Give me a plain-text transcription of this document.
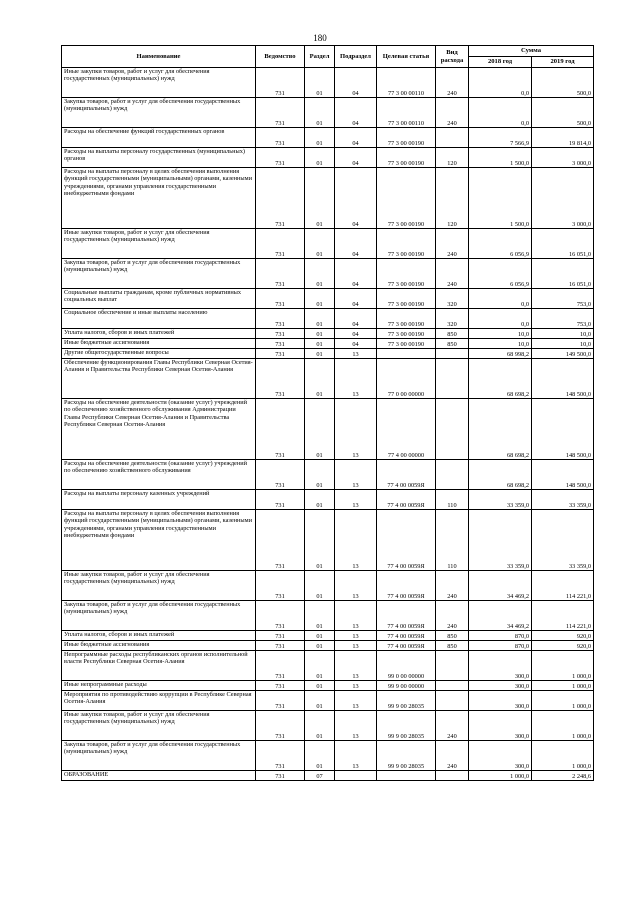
180
Наименование	Ведомство	Раздел	Подраздел	Целевая статья	Вид расхода	Сумма	
						2018 год	2019 год
Иные закупки товаров, работ и услуг для обеспечения государственных (муниципальных) нужд	731	01	04	77 3 00 00110	240	0,0	500,0
Закупка товаров, работ и услуг для обеспечения государственных (муниципальных) нужд	731	01	04	77 3 00 00110	240	0,0	500,0
Расходы на обеспечение функций государственных органов	731	01	04	77 3 00 00190		7 566,9	19 814,0
Расходы на выплаты персоналу государственных (муниципальных) органов	731	01	04	77 3 00 00190	120	1 500,0	3 000,0
Расходы на выплаты персоналу в целях обеспечения выполнения функций государственными (муниципальными) органами, казенными учреждениями, органами управления государственными внебюджетными фондами	731	01	04	77 3 00 00190	120	1 500,0	3 000,0
Иные закупки товаров, работ и услуг для обеспечения государственных (муниципальных) нужд	731	01	04	77 3 00 00190	240	6 056,9	16 051,0
Закупка товаров, работ и услуг для обеспечения государственных (муниципальных) нужд	731	01	04	77 3 00 00190	240	6 056,9	16 051,0
Социальные выплаты гражданам, кроме публичных нормативных социальных выплат	731	01	04	77 3 00 00190	320	0,0	753,0
Социальное обеспечение и иные выплаты населению	731	01	04	77 3 00 00190	320	0,0	753,0
Уплата налогов, сборов и иных платежей	731	01	04	77 3 00 00190	850	10,0	10,0
Иные бюджетные ассигнования	731	01	04	77 3 00 00190	850	10,0	10,0
Другие общегосударственные вопросы	731	01	13			68 998,2	149 500,0
Обеспечение функционирования Главы Республики Северная Осетия-Алания и Правительства Республики Северная Осетия-Алания	731	01	13	77 0 00 00000		68 698,2	148 500,0
Расходы на обеспечение деятельности (оказание услуг) учреждений по обеспечению хозяйственного обслуживания Администрации Главы Республики Северная Осетия-Алания и Правительства Республики Северная Осетия-Алания	731	01	13	77 4 00 00000		68 698,2	148 500,0
Расходы на обеспечение деятельности (оказание услуг) учреждений по обеспечению хозяйственного обслуживания	731	01	13	77 4 00 0059Я		68 698,2	148 500,0
Расходы на выплаты персоналу казенных учреждений	731	01	13	77 4 00 0059Я	110	33 359,0	33 359,0
Расходы на выплаты персоналу в целях обеспечения выполнения функций государственными (муниципальными) органами, казенными учреждениями, органами управления государственными внебюджетными фондами	731	01	13	77 4 00 0059Я	110	33 359,0	33 359,0
Иные закупки товаров, работ и услуг для обеспечения государственных (муниципальных) нужд	731	01	13	77 4 00 0059Я	240	34 469,2	114 221,0
Закупка товаров, работ и услуг для обеспечения государственных (муниципальных) нужд	731	01	13	77 4 00 0059Я	240	34 469,2	114 221,0
Уплата налогов, сборов и иных платежей	731	01	13	77 4 00 0059Я	850	870,0	920,0
Иные бюджетные ассигнования	731	01	13	77 4 00 0059Я	850	870,0	920,0
Непрограммные расходы республиканских органов исполнительной власти Республики Северная Осетия-Алания	731	01	13	99 0 00 00000		300,0	1 000,0
Иные непрограммные расходы	731	01	13	99 9 00 00000		300,0	1 000,0
Мероприятия по противодействию коррупции в Республике Северная Осетия-Алания	731	01	13	99 9 00 28035		300,0	1 000,0
Иные закупки товаров, работ и услуг для обеспечения государственных (муниципальных) нужд	731	01	13	99 9 00 28035	240	300,0	1 000,0
Закупка товаров, работ и услуг для обеспечения государственных (муниципальных) нужд	731	01	13	99 9 00 28035	240	300,0	1 000,0
ОБРАЗОВАНИЕ	731	07				1 000,0	2 248,6
